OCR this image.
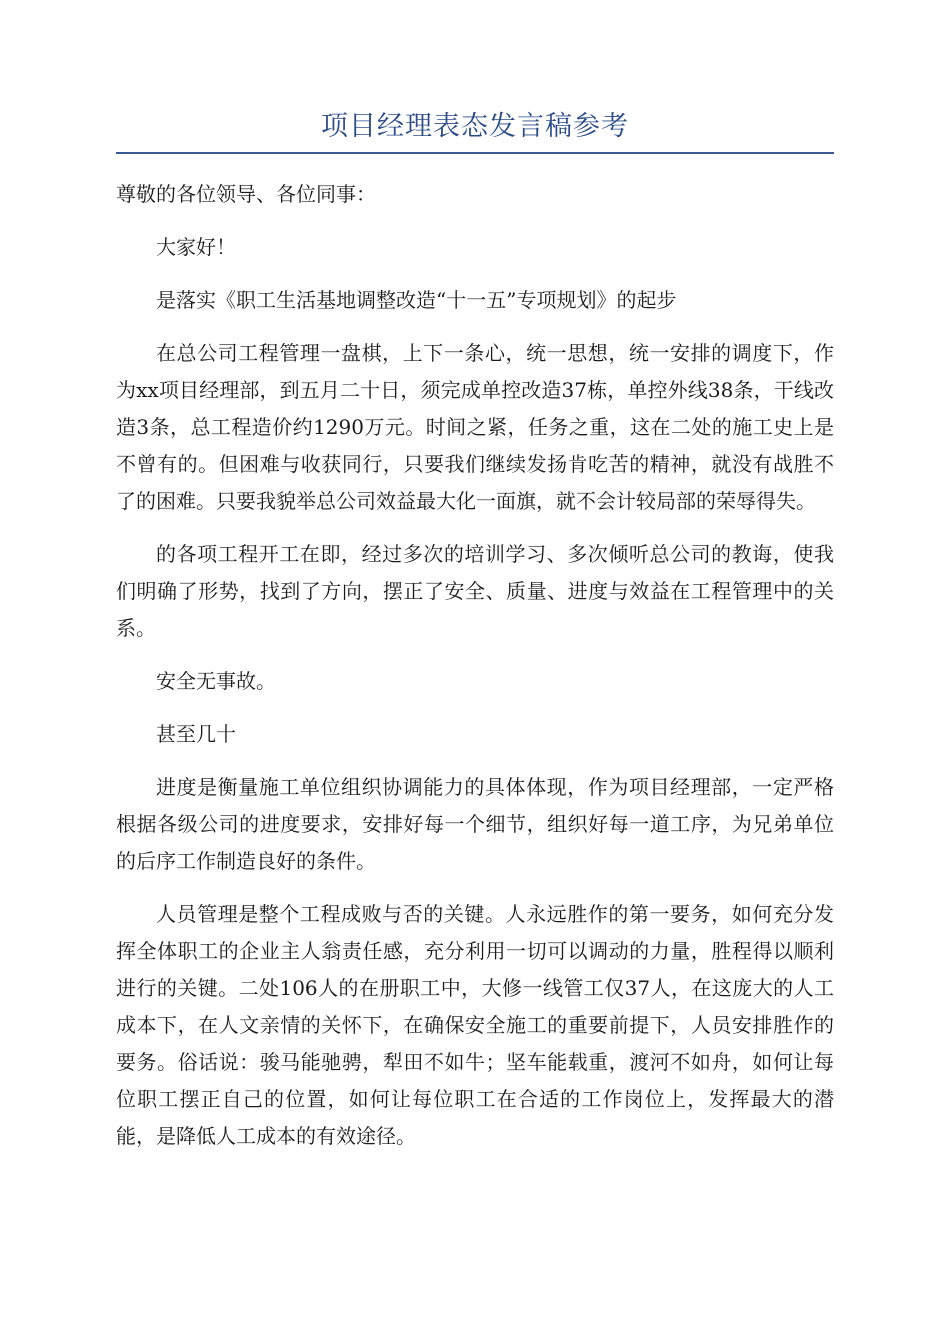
项目经理表态发言稿参考

尊敬的各位领导、各位同事：

大家好！

是落实《职工生活基地调整改造“十一五”专项规划》的起步

在总公司工程管理一盘棋，上下一条心，统一思想，统一安排的调度下，作为xx项目经理部，到五月二十日，须完成单控改造37栋，单控外线38条，干线改造3条，总工程造价约1290万元。时间之紧，任务之重，这在二处的施工史上是不曾有的。但困难与收获同行，只要我们继续发扬肯吃苦的精神，就没有战胜不了的困难。只要我貌举总公司效益最大化一面旗，就不会计较局部的荣辱得失。

的各项工程开工在即，经过多次的培训学习、多次倾听总公司的教诲，使我们明确了形势，找到了方向，摆正了安全、质量、进度与效益在工程管理中的关系。

安全无事故。

甚至几十

进度是衡量施工单位组织协调能力的具体体现，作为项目经理部，一定严格根据各级公司的进度要求，安排好每一个细节，组织好每一道工序，为兄弟单位的后序工作制造良好的条件。

人员管理是整个工程成败与否的关键。人永远胜作的第一要务，如何充分发挥全体职工的企业主人翁责任感，充分利用一切可以调动的力量，胜程得以顺利进行的关键。二处106人的在册职工中，大修一线管工仅37人，在这庞大的人工成本下，在人文亲情的关怀下，在确保安全施工的重要前提下，人员安排胜作的要务。俗话说：骏马能驰骋，犁田不如牛；坚车能载重，渡河不如舟，如何让每位职工摆正自己的位置，如何让每位职工在合适的工作岗位上，发挥最大的潜能，是降低人工成本的有效途径。
